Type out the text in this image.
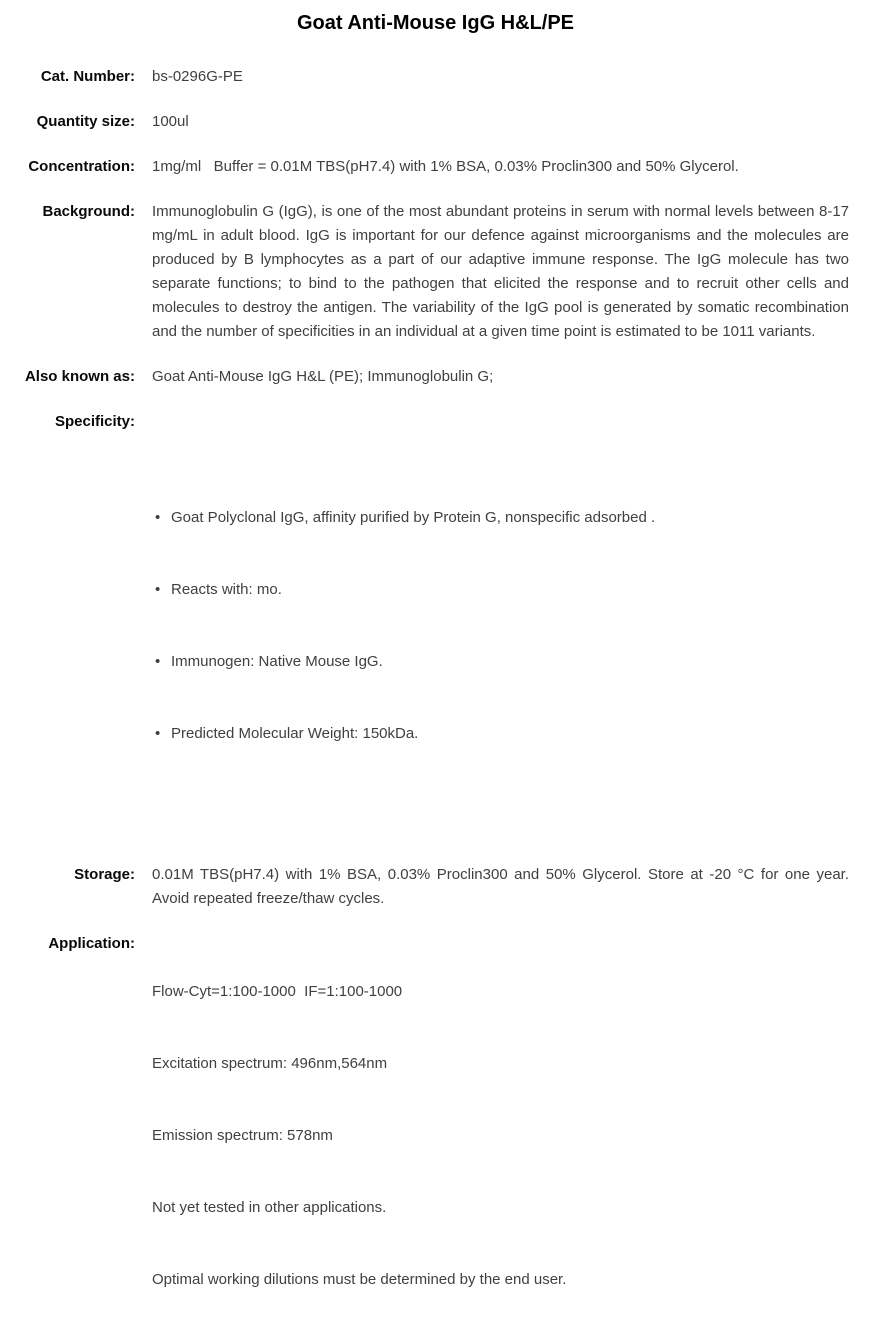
Goat Anti-Mouse IgG H&L/PE
Cat. Number: bs-0296G-PE
Quantity size: 100ul
Concentration: 1mg/ml   Buffer = 0.01M TBS(pH7.4) with 1% BSA, 0.03% Proclin300 and 50% Glycerol.
Background: Immunoglobulin G (IgG), is one of the most abundant proteins in serum with normal levels between 8-17 mg/mL in adult blood. IgG is important for our defence against microorganisms and the molecules are produced by B lymphocytes as a part of our adaptive immune response. The IgG molecule has two separate functions; to bind to the pathogen that elicited the response and to recruit other cells and molecules to destroy the antigen. The variability of the IgG pool is generated by somatic recombination and the number of specificities in an individual at a given time point is estimated to be 1011 variants.
Also known as: Goat Anti-Mouse IgG H&L (PE); Immunoglobulin G;
Specificity:

• Goat Polyclonal IgG, affinity purified by Protein G, nonspecific adsorbed .

• Reacts with: mo.

• Immunogen: Native Mouse IgG.

• Predicted Molecular Weight: 150kDa.

Storage: 0.01M TBS(pH7.4) with 1% BSA, 0.03% Proclin300 and 50% Glycerol. Store at -20 °C for one year. Avoid repeated freeze/thaw cycles.
Application:

Flow-Cyt=1:100-1000  IF=1:100-1000

Excitation spectrum: 496nm,564nm

Emission spectrum: 578nm

Not yet tested in other applications.

Optimal working dilutions must be determined by the end user.
